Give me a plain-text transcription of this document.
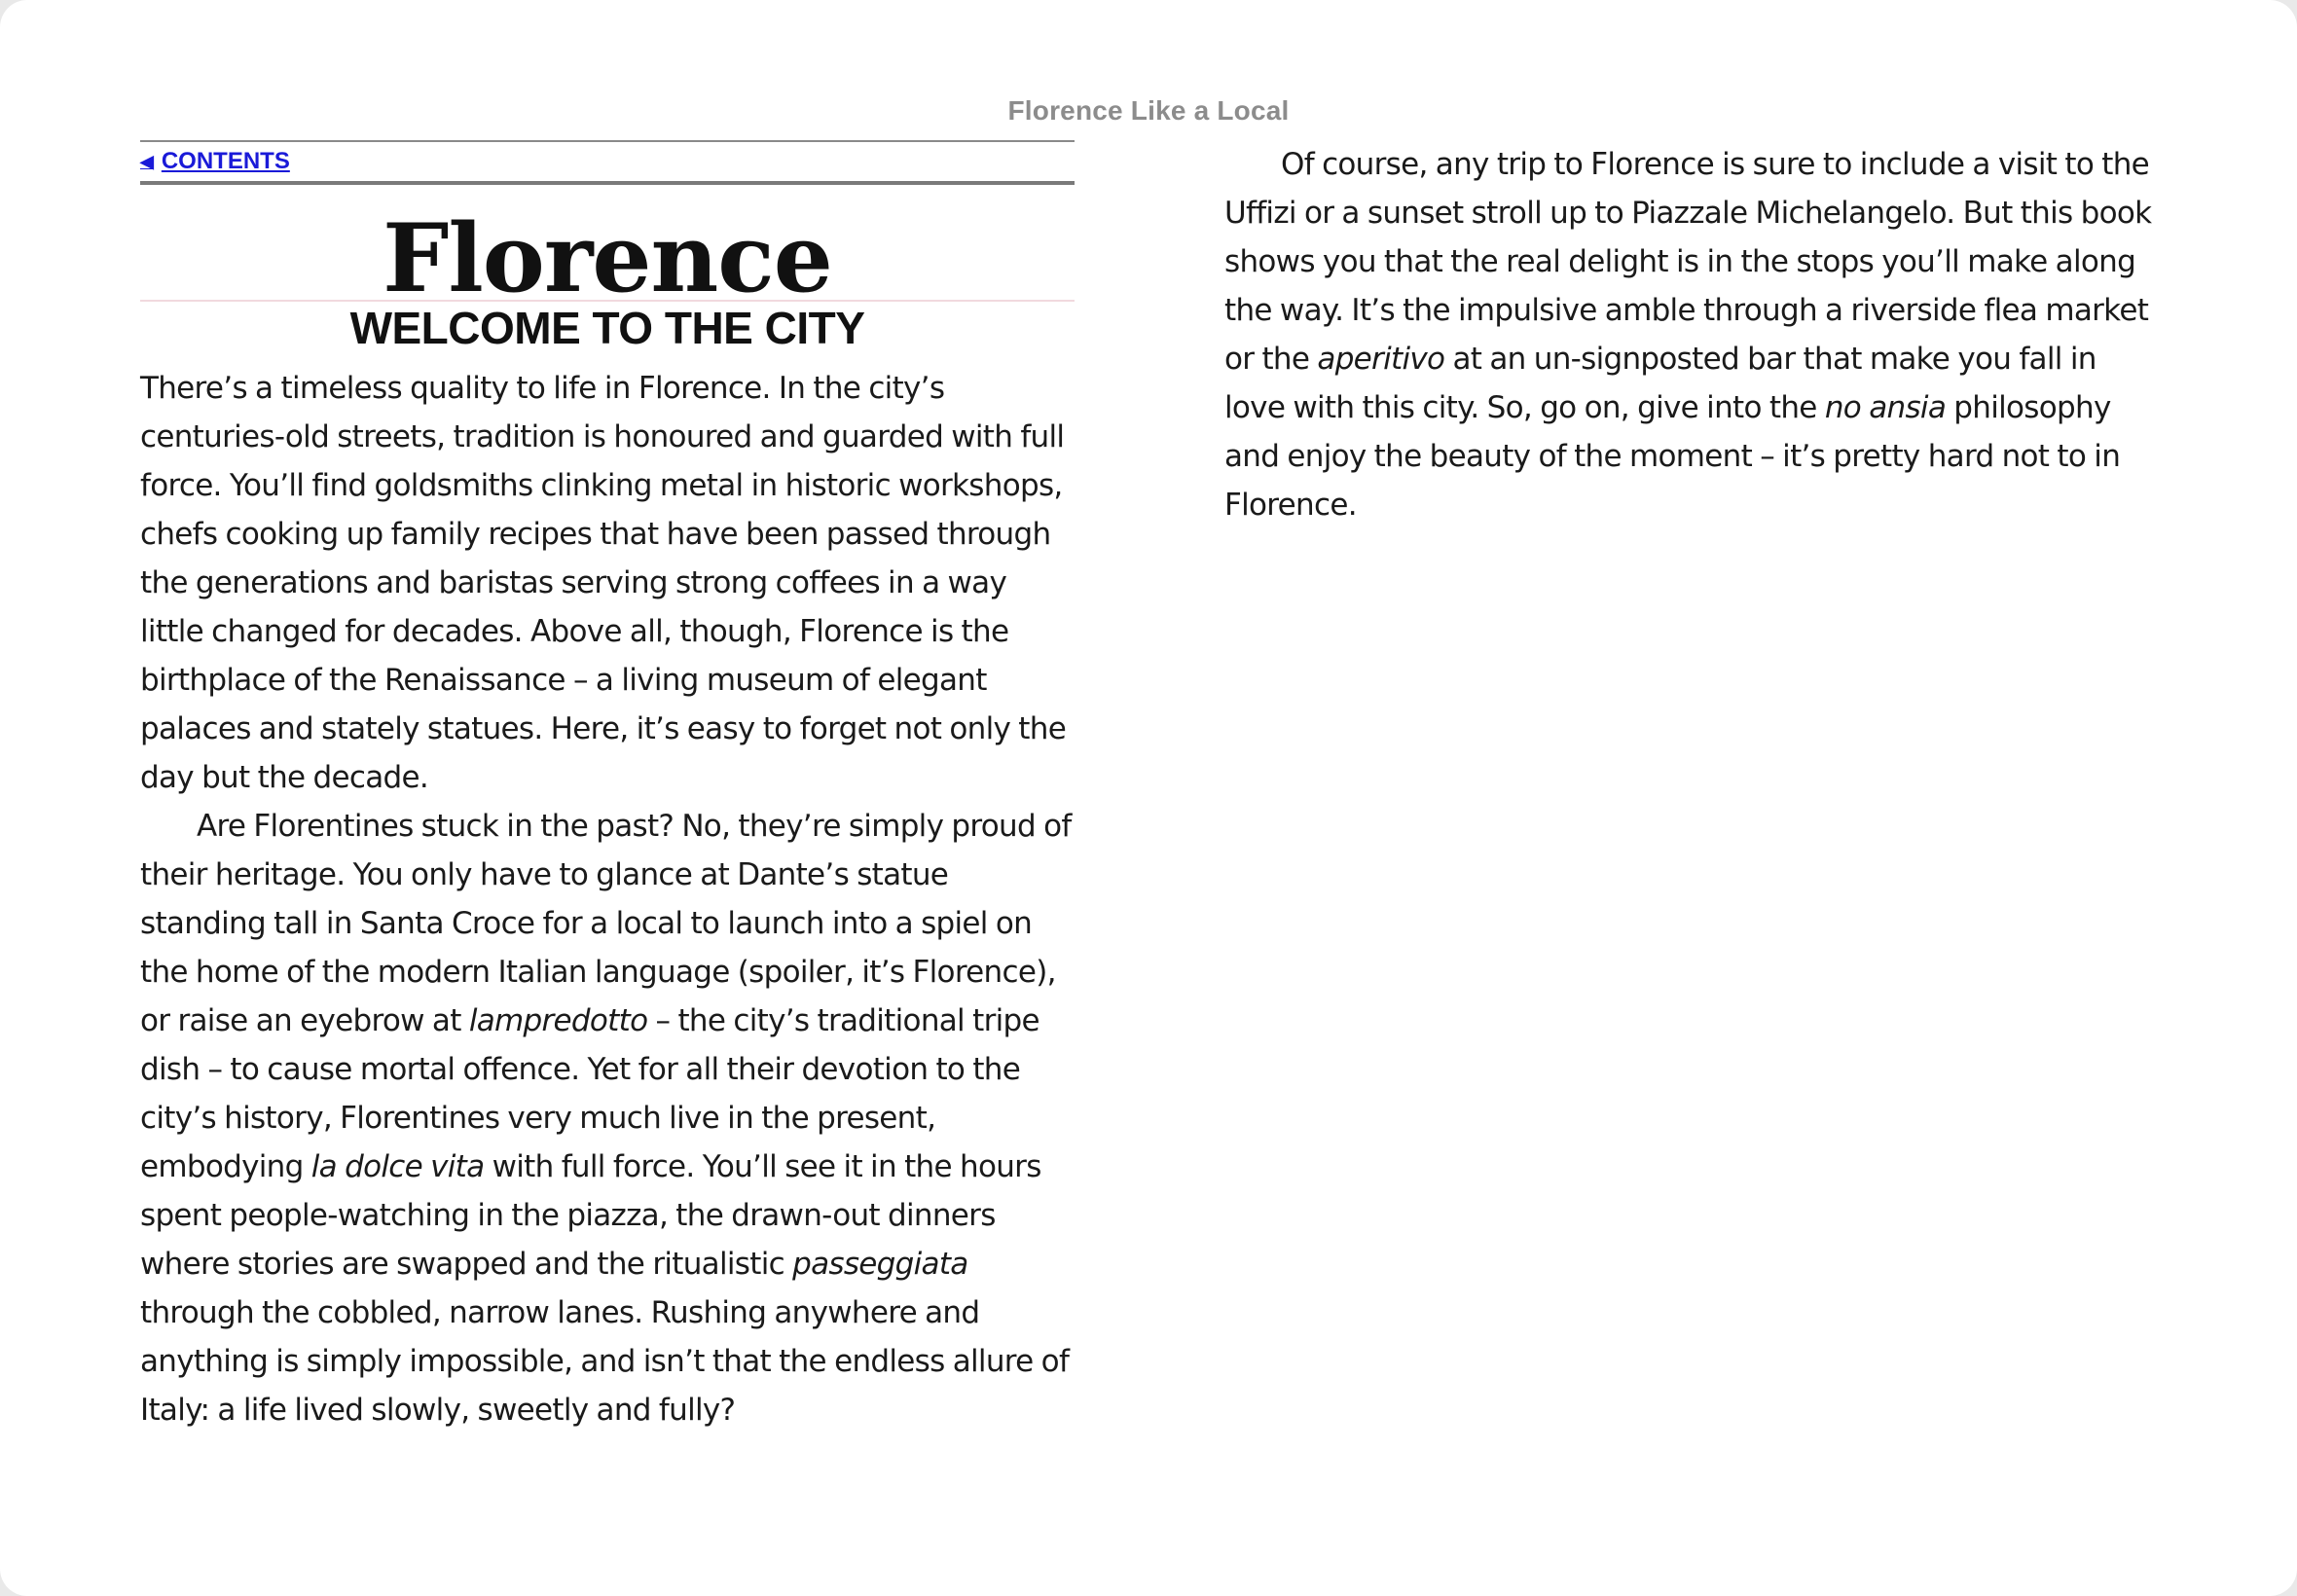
Florence Like a Local
◀ CONTENTS
Florence
WELCOME TO THE CITY

There’s a timeless quality to life in Florence. In the city’s centuries-old streets, tradition is honoured and guarded with full force. You’ll find goldsmiths clinking metal in historic workshops, chefs cooking up family recipes that have been passed through the generations and baristas serving strong coffees in a way little changed for decades. Above all, though, Florence is the birthplace of the Renaissance – a living museum of elegant palaces and stately statues. Here, it’s easy to forget not only the day but the decade.

Are Florentines stuck in the past? No, they’re simply proud of their heritage. You only have to glance at Dante’s statue standing tall in Santa Croce for a local to launch into a spiel on the home of the modern Italian language (spoiler, it’s Florence), or raise an eyebrow at lampredotto – the city’s traditional tripe dish – to cause mortal offence. Yet for all their devotion to the city’s history, Florentines very much live in the present, embodying la dolce vita with full force. You’ll see it in the hours spent people-watching in the piazza, the drawn-out dinners where stories are swapped and the ritualistic passeggiata through the cobbled, narrow lanes. Rushing anywhere and anything is simply impossible, and isn’t that the endless allure of Italy: a life lived slowly, sweetly and fully?

Of course, any trip to Florence is sure to include a visit to the Uffizi or a sunset stroll up to Piazzale Michelangelo. But this book shows you that the real delight is in the stops you’ll make along the way. It’s the impulsive amble through a riverside flea market or the aperitivo at an un-signposted bar that make you fall in love with this city. So, go on, give into the no ansia philosophy and enjoy the beauty of the moment – it’s pretty hard not to in Florence.
